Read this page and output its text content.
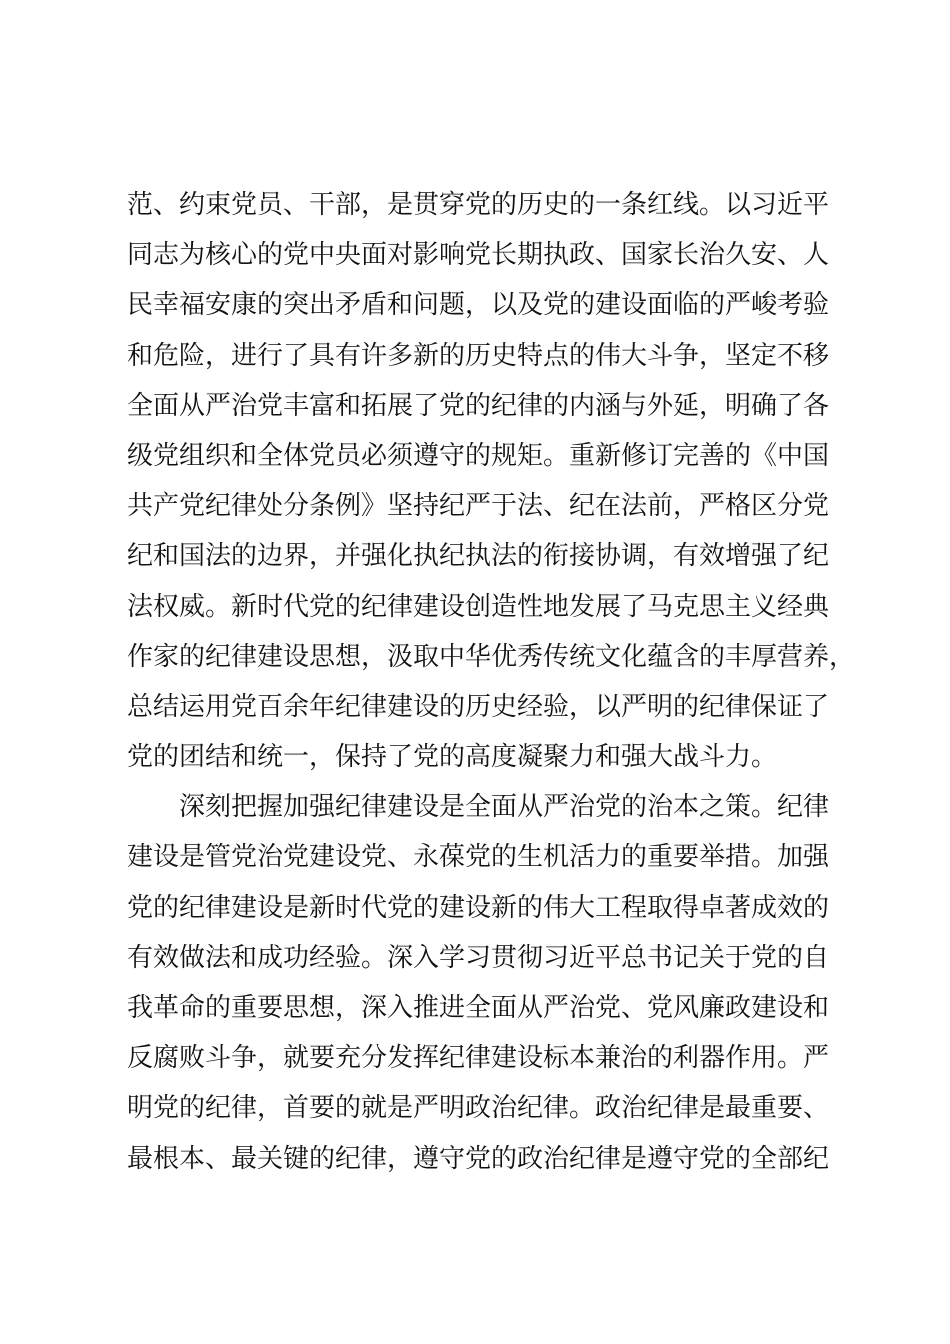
范、约束党员、干部，是贯穿党的历史的一条红线。以习近平
同志为核心的党中央面对影响党长期执政、国家长治久安、人
民幸福安康的突出矛盾和问题，以及党的建设面临的严峻考验
和危险，进行了具有许多新的历史特点的伟大斗争，坚定不移
全面从严治党丰富和拓展了党的纪律的内涵与外延，明确了各
级党组织和全体党员必须遵守的规矩。重新修订完善的《中国
共产党纪律处分条例》坚持纪严于法、纪在法前，严格区分党
纪和国法的边界，并强化执纪执法的衔接协调，有效增强了纪
法权威。新时代党的纪律建设创造性地发展了马克思主义经典
作家的纪律建设思想，汲取中华优秀传统文化蕴含的丰厚营养，
总结运用党百余年纪律建设的历史经验，以严明的纪律保证了
党的团结和统一，保持了党的高度凝聚力和强大战斗力。
深刻把握加强纪律建设是全面从严治党的治本之策。纪律
建设是管党治党建设党、永葆党的生机活力的重要举措。加强
党的纪律建设是新时代党的建设新的伟大工程取得卓著成效的
有效做法和成功经验。深入学习贯彻习近平总书记关于党的自
我革命的重要思想，深入推进全面从严治党、党风廉政建设和
反腐败斗争，就要充分发挥纪律建设标本兼治的利器作用。严
明党的纪律，首要的就是严明政治纪律。政治纪律是最重要、
最根本、最关键的纪律，遵守党的政治纪律是遵守党的全部纪
